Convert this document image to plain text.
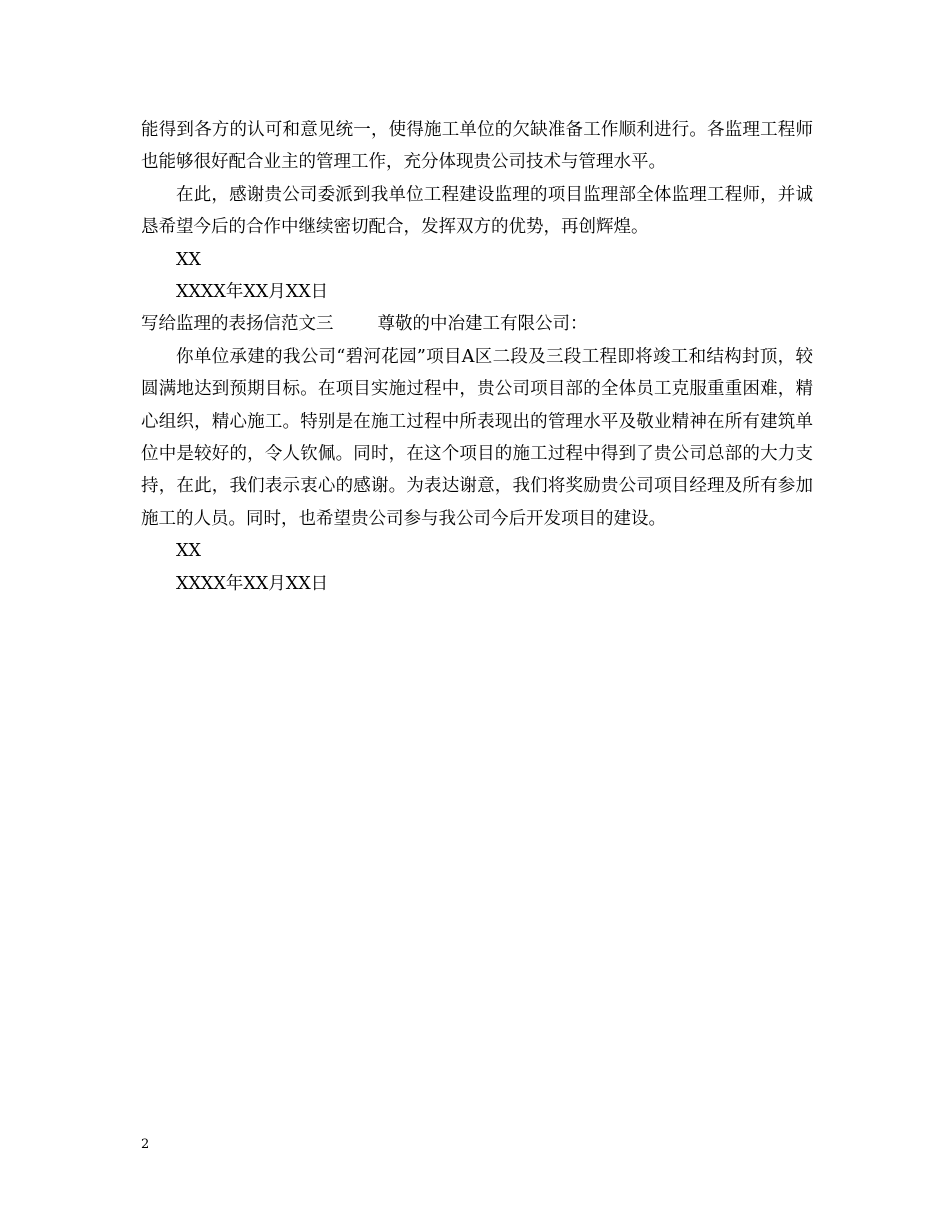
能得到各方的认可和意见统一，使得施工单位的欠缺准备工作顺利进行。各监理工程师也能够很好配合业主的管理工作，充分体现贵公司技术与管理水平。

在此，感谢贵公司委派到我单位工程建设监理的项目监理部全体监理工程师，并诚恳希望今后的合作中继续密切配合，发挥双方的优势，再创辉煌。

XX

XXXX年XX月XX日

写给监理的表扬信范文三	尊敬的中冶建工有限公司：

你单位承建的我公司“碧河花园”项目A区二段及三段工程即将竣工和结构封顶，较圆满地达到预期目标。在项目实施过程中，贵公司项目部的全体员工克服重重困难，精心组织，精心施工。特别是在施工过程中所表现出的管理水平及敬业精神在所有建筑单位中是较好的，令人钦佩。同时，在这个项目的施工过程中得到了贵公司总部的大力支持，在此，我们表示衷心的感谢。为表达谢意，我们将奖励贵公司项目经理及所有参加施工的人员。同时，也希望贵公司参与我公司今后开发项目的建设。

XX

XXXX年XX月XX日

2
